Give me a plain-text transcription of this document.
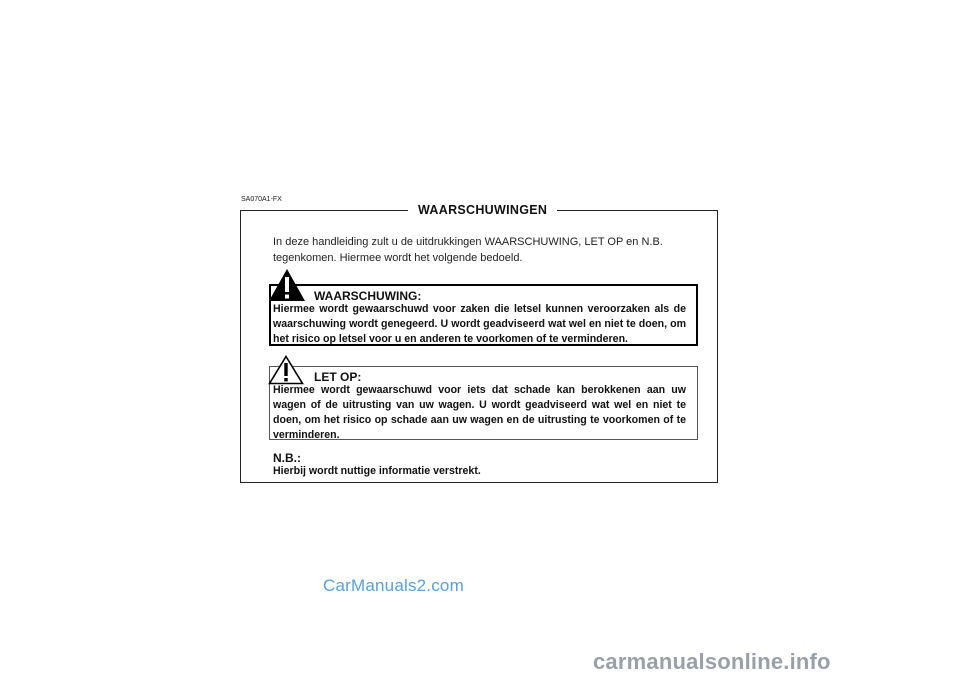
SA070A1-FX
WAARSCHUWINGEN
In deze handleiding zult u de uitdrukkingen WAARSCHUWING, LET OP en N.B. tegenkomen. Hiermee wordt het volgende bedoeld.
WAARSCHUWING:
Hiermee wordt gewaarschuwd voor zaken die letsel kunnen veroorzaken als de waarschuwing wordt genegeerd. U wordt geadviseerd wat wel en niet te doen, om het risico op letsel voor u en anderen te voorkomen of te verminderen.
LET OP:
Hiermee wordt gewaarschuwd voor iets dat schade kan berokkenen aan uw wagen of de uitrusting van uw wagen. U wordt geadviseerd wat wel en niet te doen, om het risico op schade aan uw wagen en de uitrusting te voorkomen of te verminderen.
N.B.:
Hierbij wordt nuttige informatie verstrekt.
CarManuals2.com
carmanualsonline.info
